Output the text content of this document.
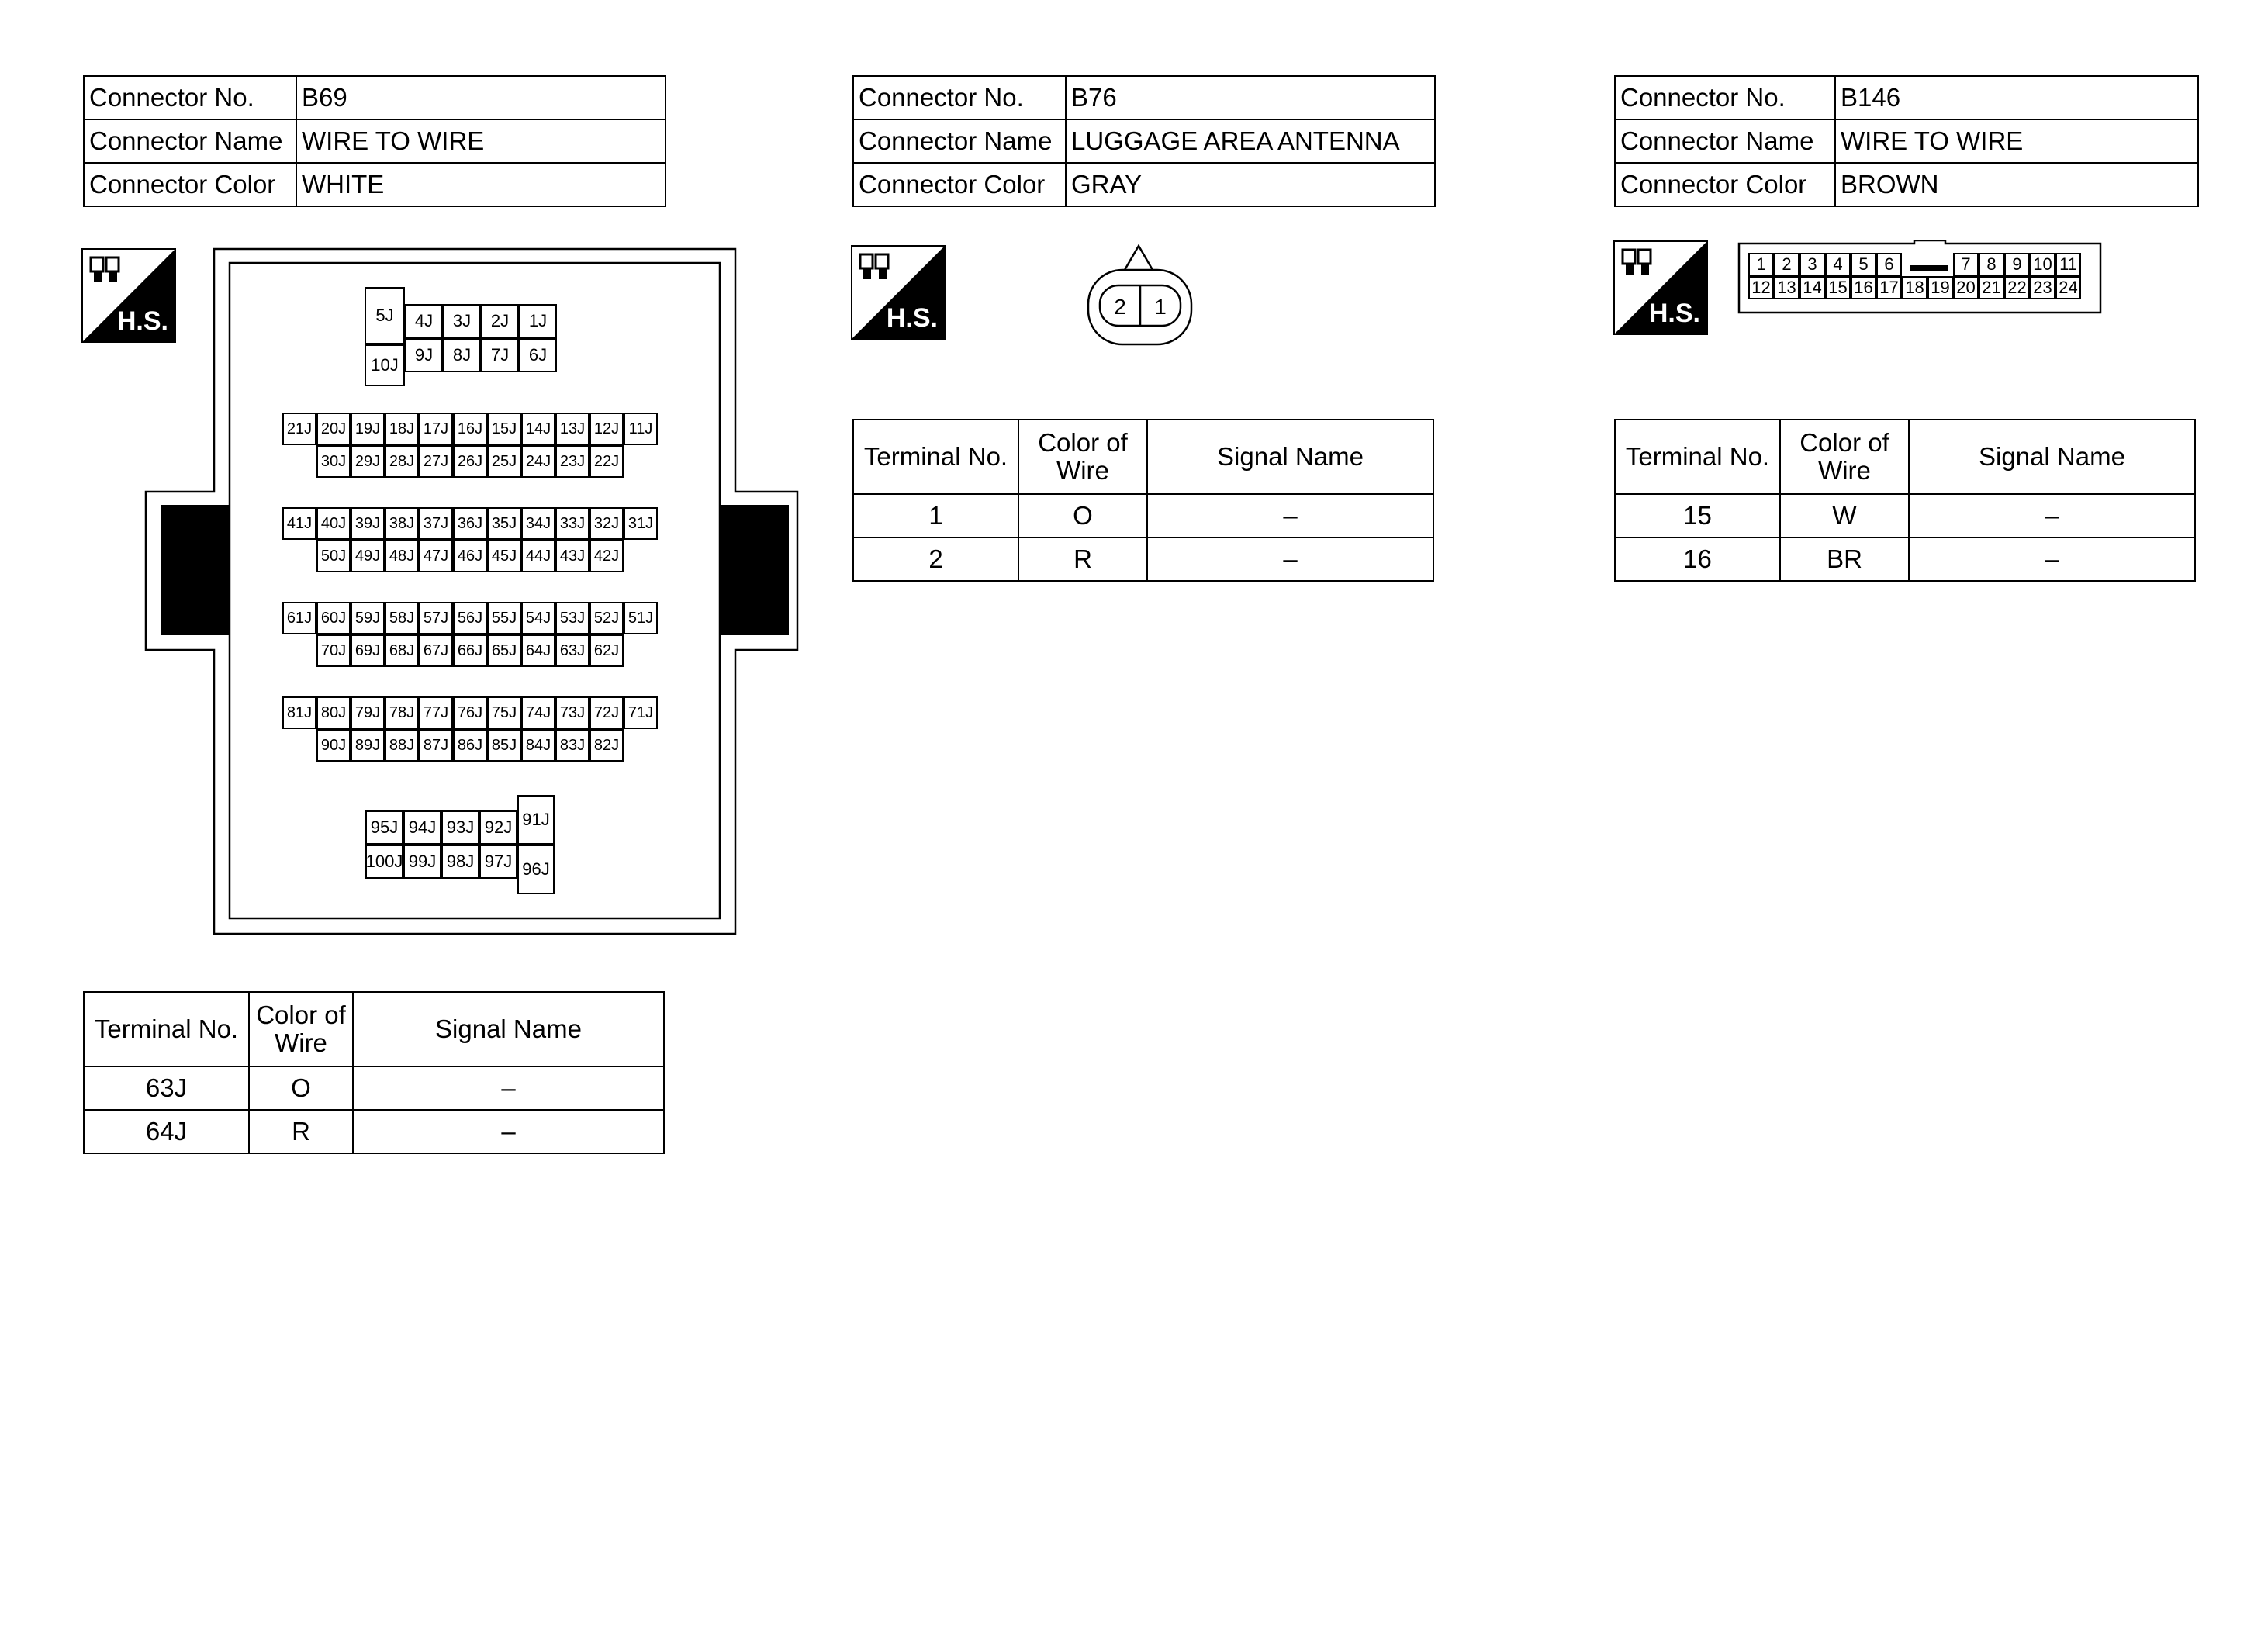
Connector No.	B69
Connector Name	WIRE TO WIRE
Connector Color	WHITE
H.S.	5J
10J
4J	3J	2J	1J
9J	8J	7J	6J
21J 20J 19J 18J 17J 16J 15J 14J 13J 12J 11J
30J 29J 28J 27J 26J 25J 24J 23J 22J
41J 40J 39J 38J 37J 36J 35J 34J 33J 32J 31J
50J 49J 48J 47J 46J 45J 44J 43J 42J
61J 60J 59J 58J 57J 56J 55J 54J 53J 52J 51J
70J 69J 68J 67J 66J 65J 64J 63J 62J
81J 80J 79J 78J 77J 76J 75J 74J 73J 72J 71J
90J 89J 88J 87J 86J 85J 84J 83J 82J
95J 94J 93J 92J
100J 99J 98J 97J
91J
96J
Terminal No.	Color of Wire	Signal Name
63J	O	–
64J	R	–
Connector No.	B76
Connector Name	LUGGAGE AREA ANTENNA
Connector Color	GRAY
H.S.	2 1
Terminal No.	Color of Wire	Signal Name
1	O	–
2	R	–
Connector No.	B146
Connector Name	WIRE TO WIRE
Connector Color	BROWN
H.S.
1 2 3 4 5 6	7 8 9 10 11
12 13 14 15 16 17 18 19 20 21 22 23 24
Terminal No.	Color of Wire	Signal Name
15	W	–
16	BR	–
